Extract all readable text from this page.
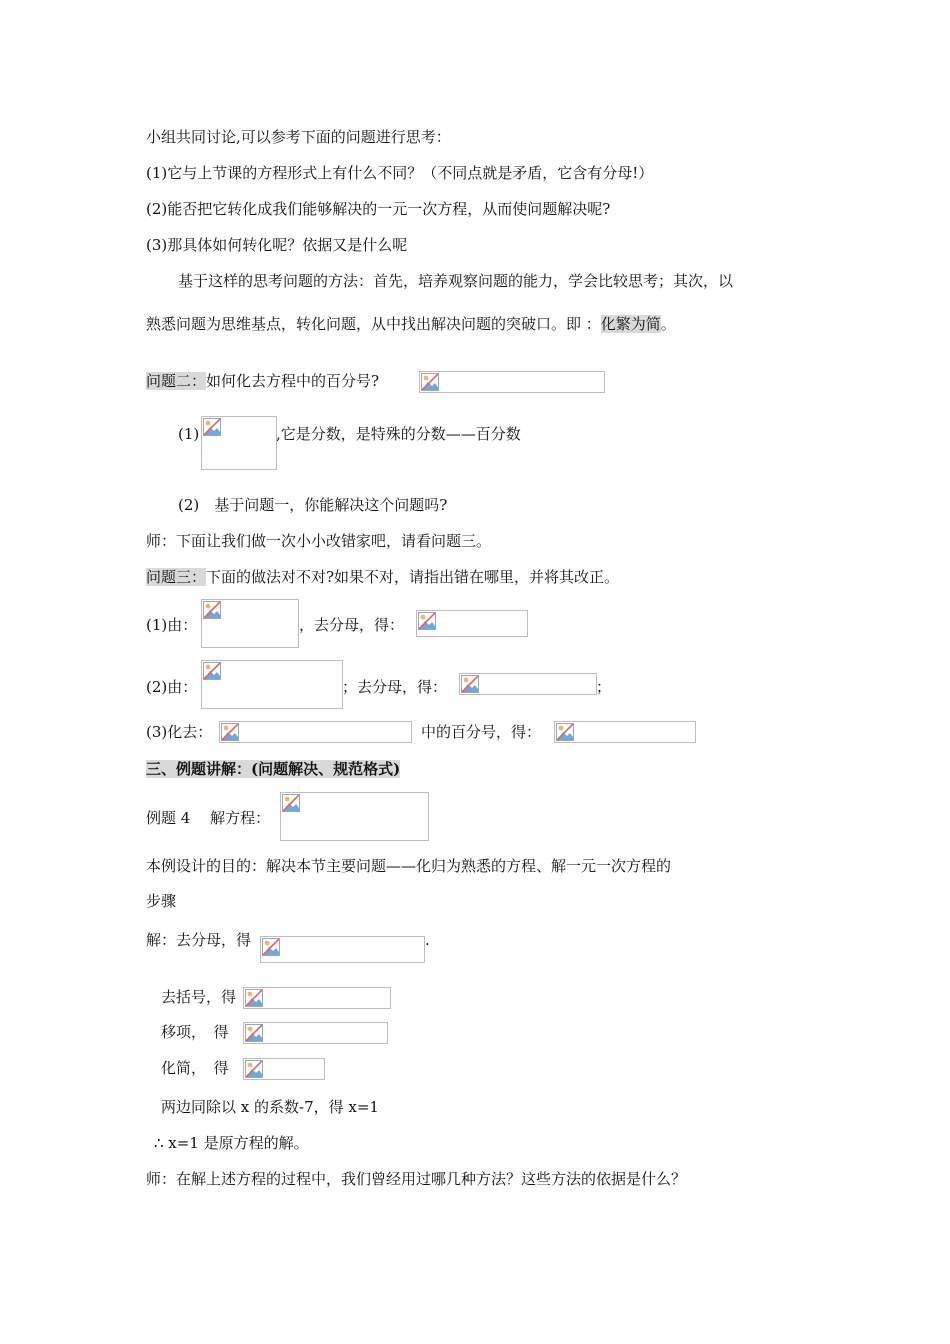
小组共同讨论,可以参考下面的问题进行思考：
(1)它与上节课的方程形式上有什么不同？（不同点就是矛盾，它含有分母!）
(2)能否把它转化成我们能够解决的一元一次方程，从而使问题解决呢?
(3)那具体如何转化呢？依据又是什么呢
基于这样的思考问题的方法：首先，培养观察问题的能力，学会比较思考；其次，以
熟悉问题为思维基点，转化问题，从中找出解决问题的突破口。即 ：化繁为简。
问题二：如何化去方程中的百分号?
(1)	,它是分数，是特殊的分数——百分数
(2)　基于问题一，你能解决这个问题吗?
师：下面让我们做一次小小改错家吧，请看问题三。
问题三：下面的做法对不对?如果不对，请指出错在哪里，并将其改正。
(1)由：	，去分母，得：
(2)由：	；去分母，得：	；
(3)化去：	中的百分号，得：
三、例题讲解：(问题解决、规范格式)
例题 4　 解方程：
本例设计的目的：解决本节主要问题——化归为熟悉的方程、解一元一次方程的
步骤
解：去分母，得	.
去括号，得
移项，　得
化简，　得
两边同除以 x 的系数-7，得 x=1
∴ x=1 是原方程的解。
师：在解上述方程的过程中，我们曾经用过哪几种方法？这些方法的依据是什么？
